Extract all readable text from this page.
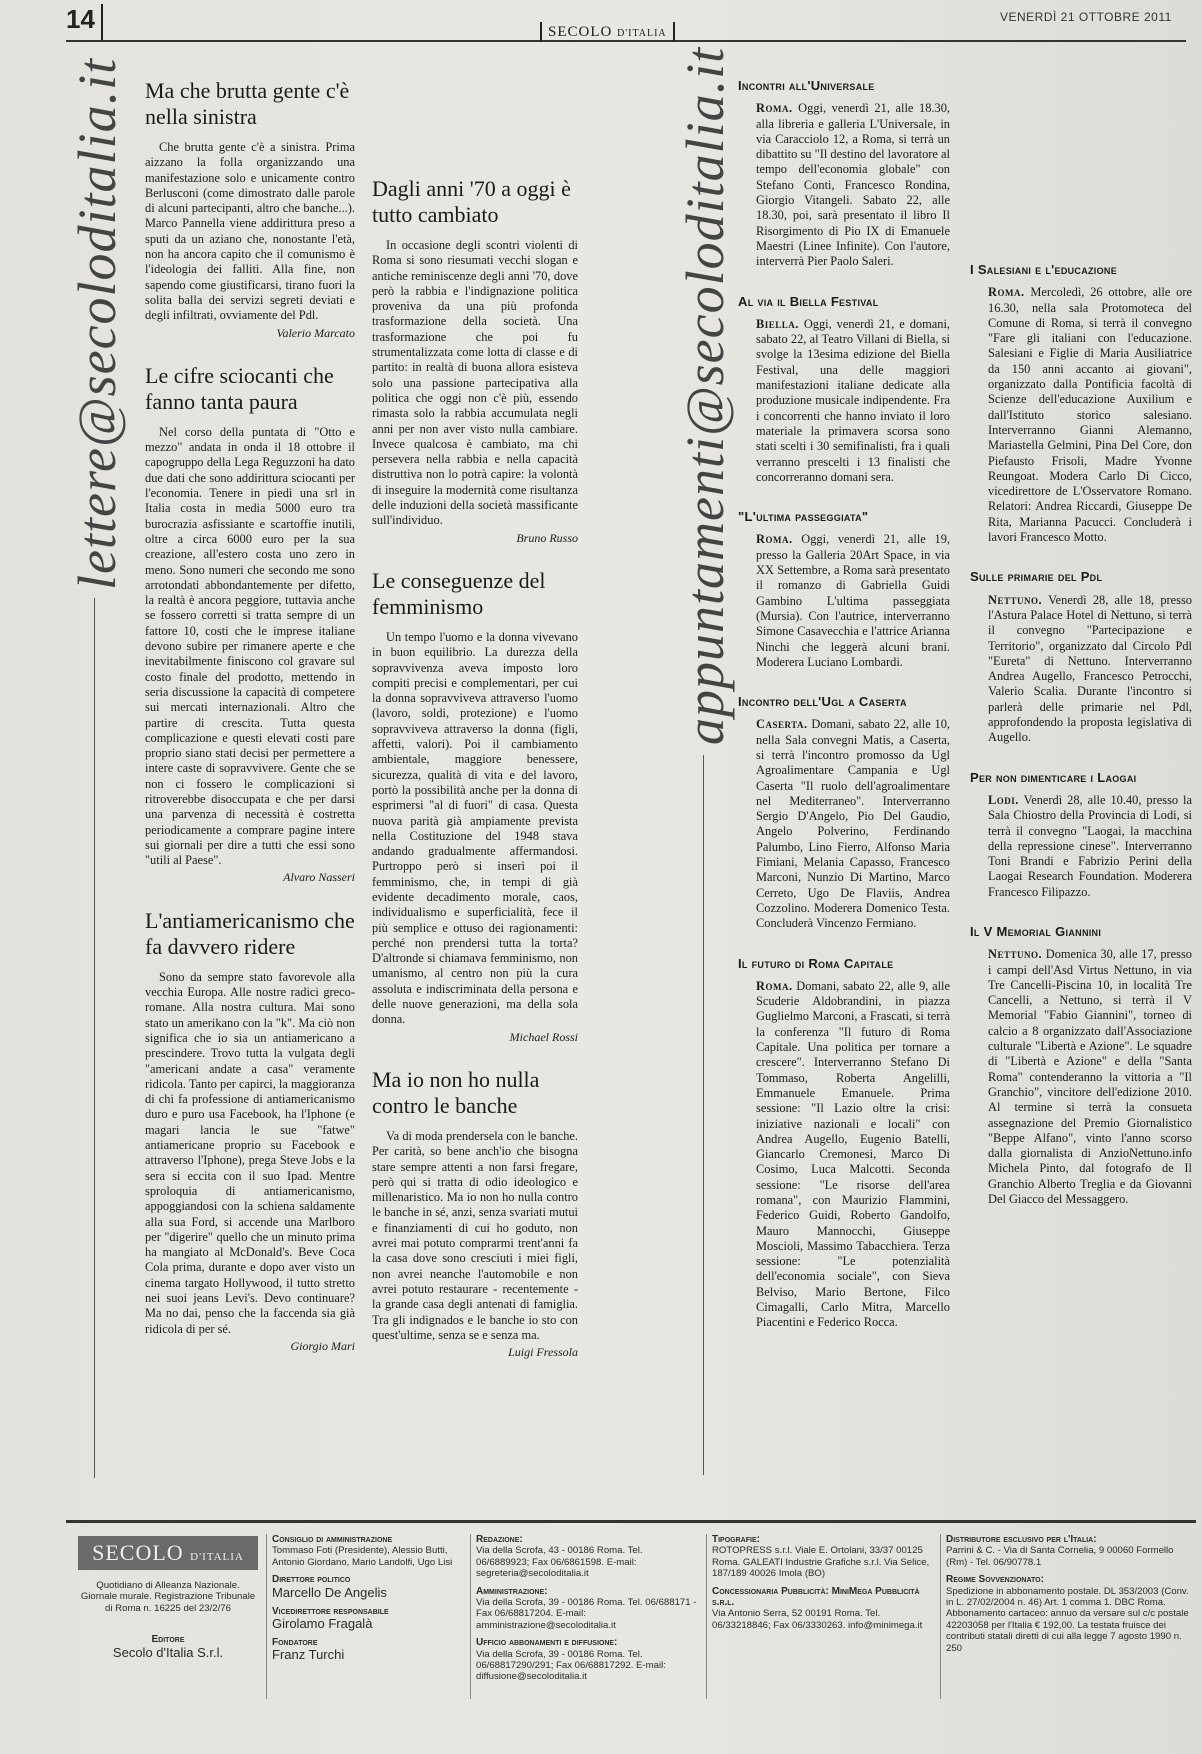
14	SECOLO D'ITALIA
VENERDÌ 21 OTTOBRE 2011
lettere@secoloditalia.it	appuntamenti@secoloditalia.it
Ma che brutta gente c'è nella sinistra

Che brutta gente c'è a sinistra. Prima aizzano la folla organizzando una manifestazione solo e unicamente contro Berlusconi (come dimostrato dalle parole di alcuni partecipanti, altro che banche...). Marco Pannella viene addirittura preso a sputi da un aziano che, nonostante l'età, non ha ancora capito che il comunismo è l'ideologia dei falliti. Alla fine, non sapendo come giustificarsi, tirano fuori la solita balla dei servizi segreti deviati e degli infiltrati, ovviamente del Pdl.

Valerio Marcato

Le cifre sciocanti che fanno tanta paura

Nel corso della puntata di "Otto e mezzo" andata in onda il 18 ottobre il capogruppo della Lega Reguzzoni ha dato due dati che sono addirittura sciocanti per l'economia. Tenere in piedi una srl in Italia costa in media 5000 euro tra burocrazia asfissiante e scartoffie inutili, oltre a circa 6000 euro per la sua creazione, all'estero costa uno zero in meno. Sono numeri che secondo me sono arrotondati abbondantemente per difetto, la realtà è ancora peggiore, tuttavia anche se fossero corretti si tratta sempre di un fattore 10, costi che le imprese italiane devono subire per rimanere aperte e che inevitabilmente finiscono col gravare sul costo finale del prodotto, mettendo in seria discussione la capacità di competere sui mercati internazionali. Altro che partire di crescita. Tutta questa complicazione e questi elevati costi pare proprio siano stati decisi per permettere a intere caste di sopravvivere. Gente che se non ci fossero le complicazioni si ritroverebbe disoccupata e che per darsi una parvenza di necessità è costretta periodicamente a comprare pagine intere sui giornali per dire a tutti che essi sono "utili al Paese".

Alvaro Nasseri

L'antiamericanismo che fa davvero ridere

Sono da sempre stato favorevole alla vecchia Europa. Alle nostre radici greco-romane. Alla nostra cultura. Mai sono stato un amerikano con la "k". Ma ciò non significa che io sia un antiamericano a prescindere. Trovo tutta la vulgata degli "americani andate a casa" veramente ridicola. Tanto per capirci, la maggioranza di chi fa professione di antiamericanismo duro e puro usa Facebook, ha l'Iphone (e magari lancia le sue "fatwe" antiamericane proprio su Facebook e attraverso l'Iphone), prega Steve Jobs e la sera si eccita con il suo Ipad. Mentre sproloquia di antiamericanismo, appoggiandosi con la schiena saldamente alla sua Ford, si accende una Marlboro per "digerire" quello che un minuto prima ha mangiato al McDonald's. Beve Coca Cola prima, durante e dopo aver visto un cinema targato Hollywood, il tutto stretto nei suoi jeans Levi's. Devo continuare? Ma no dai, penso che la faccenda sia già ridicola di per sé.

Giorgio Mari

Dagli anni '70 a oggi è tutto cambiato

In occasione degli scontri violenti di Roma si sono riesumati vecchi slogan e antiche reminiscenze degli anni '70, dove però la rabbia e l'indignazione politica proveniva da una più profonda trasformazione della società. Una trasformazione che poi fu strumentalizzata come lotta di classe e di partito: in realtà di buona allora esisteva solo una passione partecipativa alla politica che oggi non c'è più, essendo rimasta solo la rabbia accumulata negli anni per non aver visto nulla cambiare. Invece qualcosa è cambiato, ma chi persevera nella rabbia e nella capacità distruttiva non lo potrà capire: la volontà di inseguire la modernità come risultanza delle induzioni della società massificante sull'individuo.

Bruno Russo

Le conseguenze del femminismo

Un tempo l'uomo e la donna vivevano in buon equilibrio. La durezza della sopravvivenza aveva imposto loro compiti precisi e complementari, per cui la donna sopravviveva attraverso l'uomo (lavoro, soldi, protezione) e l'uomo sopravviveva attraverso la donna (figli, affetti, valori). Poi il cambiamento ambientale, maggiore benessere, sicurezza, qualità di vita e del lavoro, portò la possibilità anche per la donna di esprimersi "al di fuori" di casa. Questa nuova parità già ampiamente prevista nella Costituzione del 1948 stava andando gradualmente affermandosi. Purtroppo però si inserì poi il femminismo, che, in tempi di già evidente decadimento morale, caos, individualismo e superficialità, fece il più semplice e ottuso dei ragionamenti: perché non prendersi tutta la torta? D'altronde si chiamava femminismo, non umanismo, al centro non più la cura assoluta e indiscriminata della persona e delle nuove generazioni, ma della sola donna.

Michael Rossi

Ma io non ho nulla contro le banche

Va di moda prendersela con le banche. Per carità, so bene anch'io che bisogna stare sempre attenti a non farsi fregare, però qui si tratta di odio ideologico e millenaristico. Ma io non ho nulla contro le banche in sé, anzi, senza svariati mutui e finanziamenti di cui ho goduto, non avrei mai potuto comprarmi trent'anni fa la casa dove sono cresciuti i miei figli, non avrei neanche l'automobile e non avrei potuto restaurare - recentemente - la grande casa degli antenati di famiglia. Tra gli indignados e le banche io sto con quest'ultime, senza se e senza ma.

Luigi Fressola

Incontri all'Universale

Roma. Oggi, venerdì 21, alle 18.30, alla libreria e galleria L'Universale, in via Caracciolo 12, a Roma, si terrà un dibattito su "Il destino del lavoratore al tempo dell'economia globale" con Stefano Conti, Francesco Rondina, Giorgio Vitangeli. Sabato 22, alle 18.30, poi, sarà presentato il libro Il Risorgimento di Pio IX di Emanuele Maestri (Linee Infinite). Con l'autore, interverrà Pier Paolo Saleri.

Al via il Biella Festival

Biella. Oggi, venerdì 21, e domani, sabato 22, al Teatro Villani di Biella, si svolge la 13esima edizione del Biella Festival, una delle maggiori manifestazioni italiane dedicate alla produzione musicale indipendente. Fra i concorrenti che hanno inviato il loro materiale la primavera scorsa sono stati scelti i 30 semifinalisti, fra i quali verranno prescelti i 13 finalisti che concorreranno domani sera.

"L'ultima passeggiata"

Roma. Oggi, venerdì 21, alle 19, presso la Galleria 20Art Space, in via XX Settembre, a Roma sarà presentato il romanzo di Gabriella Guidi Gambino L'ultima passeggiata (Mursia). Con l'autrice, interverranno Simone Casavecchia e l'attrice Arianna Ninchi che leggerà alcuni brani. Moderera Luciano Lombardi.

Incontro dell'Ugl a Caserta

Caserta. Domani, sabato 22, alle 10, nella Sala convegni Matis, a Caserta, si terrà l'incontro promosso da Ugl Agroalimentare Campania e Ugl Caserta "Il ruolo dell'agroalimentare nel Mediterraneo". Interverranno Sergio D'Angelo, Pio Del Gaudio, Angelo Polverino, Ferdinando Palumbo, Lino Fierro, Alfonso Maria Fimiani, Melania Capasso, Francesco Marconi, Nunzio Di Martino, Marco Cerreto, Ugo De Flaviis, Andrea Cozzolino. Moderera Domenico Testa. Concluderà Vincenzo Fermiano.

Il futuro di Roma Capitale

Roma. Domani, sabato 22, alle 9, alle Scuderie Aldobrandini, in piazza Guglielmo Marconi, a Frascati, si terrà la conferenza "Il futuro di Roma Capitale. Una politica per tornare a crescere". Interverranno Stefano Di Tommaso, Roberta Angelilli, Emmanuele Emanuele. Prima sessione: "Il Lazio oltre la crisi: iniziative nazionali e locali" con Andrea Augello, Eugenio Batelli, Giancarlo Cremonesi, Marco Di Cosimo, Luca Malcotti. Seconda sessione: "Le risorse dell'area romana", con Maurizio Flammini, Federico Guidi, Roberto Gandolfo, Mauro Mannocchi, Giuseppe Moscioli, Massimo Tabacchiera. Terza sessione: "Le potenzialità dell'economia sociale", con Sieva Belviso, Mario Bertone, Filco Cimagalli, Carlo Mitra, Marcello Piacentini e Federico Rocca.

I Salesiani e l'educazione

Roma. Mercoledì, 26 ottobre, alle ore 16.30, nella sala Protomoteca del Comune di Roma, si terrà il convegno "Fare gli italiani con l'educazione. Salesiani e Figlie di Maria Ausiliatrice da 150 anni accanto ai giovani", organizzato dalla Pontificia facoltà di Scienze dell'educazione Auxilium e dall'Istituto storico salesiano. Interverranno Gianni Alemanno, Mariastella Gelmini, Pina Del Core, don Piefausto Frisoli, Madre Yvonne Reungoat. Modera Carlo Di Cicco, vicedirettore de L'Osservatore Romano. Relatori: Andrea Riccardi, Giuseppe De Rita, Marianna Pacucci. Concluderà i lavori Francesco Motto.

Sulle primarie del Pdl

Nettuno. Venerdì 28, alle 18, presso l'Astura Palace Hotel di Nettuno, si terrà il convegno "Partecipazione e Territorio", organizzato dal Circolo Pdl "Eureta" di Nettuno. Interverranno Andrea Augello, Francesco Petrocchi, Valerio Scalia. Durante l'incontro si parlerà delle primarie nel Pdl, approfondendo la proposta legislativa di Augello.

Per non dimenticare i Laogai

Lodi. Venerdì 28, alle 10.40, presso la Sala Chiostro della Provincia di Lodi, si terrà il convegno "Laogai, la macchina della repressione cinese". Interverranno Toni Brandi e Fabrizio Perini della Laogai Research Foundation. Moderera Francesco Filipazzo.

Il V Memorial Giannini

Nettuno. Domenica 30, alle 17, presso i campi dell'Asd Virtus Nettuno, in via Tre Cancelli-Piscina 10, in località Tre Cancelli, a Nettuno, si terrà il V Memorial "Fabio Giannini", torneo di calcio a 8 organizzato dall'Associazione culturale "Libertà e Azione". Le squadre di "Libertà e Azione" e della "Santa Roma" contenderanno la vittoria a "Il Granchio", vincitore dell'edizione 2010. Al termine si terrà la consueta assegnazione del Premio Giornalistico "Beppe Alfano", vinto l'anno scorso dalla giornalista di AnzioNettuno.info Michela Pinto, dal fotografo de Il Granchio Alberto Treglia e da Giovanni Del Giacco del Messaggero.

SECOLO D'ITALIA
Quotidiano di Alleanza Nazionale. Giornale murale. Registrazione Tribunale di Roma n. 16225 del 23/2/76
Editore
Secolo d'Italia S.r.l.
Consiglio di amministrazione
Tommaso Foti (Presidente), Alessio Butti, Antonio Giordano, Mario Landolfi, Ugo Lisi
Direttore politico
Marcello De Angelis
Vicedirettore responsabile
Girolamo Fragalà
Fondatore
Franz Turchi
Redazione:
Via della Scrofa, 43 - 00186 Roma. Tel. 06/6889923; Fax 06/6861598. E-mail: segreteria@secoloditalia.it
Amministrazione:
Via della Scrofa, 39 - 00186 Roma. Tel. 06/688171 - Fax 06/68817204. E-mail: amministrazione@secoloditalia.it
Ufficio abbonamenti e diffusione:
Via della Scrofa, 39 - 00186 Roma. Tel. 06/68817290/291; Fax 06/68817292. E-mail: diffusione@secoloditalia.it
Tipografie:
ROTOPRESS s.r.l. Viale E. Ortolani, 33/37 00125 Roma. GALEATI Industrie Grafiche s.r.l. Via Selice, 187/189 40026 Imola (BO)
Concessionaria Pubblicità: MiniMega Pubblicità s.r.l.
Via Antonio Serra, 52 00191 Roma. Tel. 06/33218846; Fax 06/3330263. info@minimega.it
Distributore esclusivo per l'Italia:
Parrini & C. - Via di Santa Cornelia, 9 00060 Formello (Rm) - Tel. 06/90778.1
Regime Sovvenzionato:
Spedizione in abbonamento postale. DL 353/2003 (Conv. in L. 27/02/2004 n. 46) Art. 1 comma 1. DBC Roma. Abbonamento cartaceo: annuo da versare sul c/c postale 42203058 per l'Italia € 192,00. La testata fruisce dei contributi statali diretti di cui alla legge 7 agosto 1990 n. 250
